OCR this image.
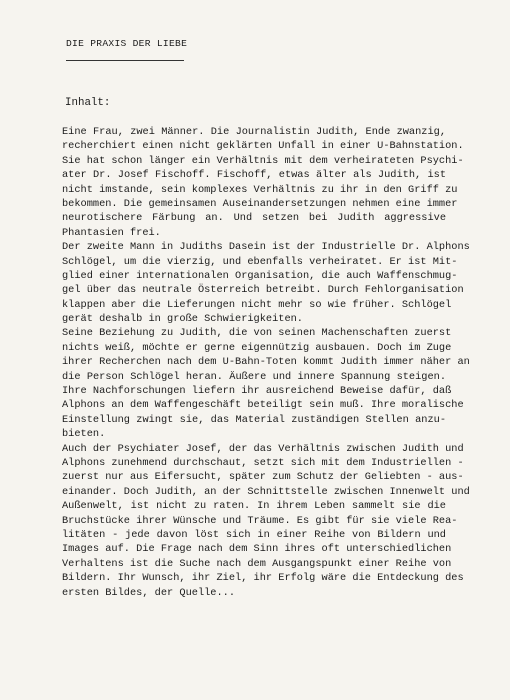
DIE PRAXIS DER LIEBE
Inhalt:
Eine Frau, zwei Männer. Die Journalistin Judith, Ende zwanzig,
recherchiert einen nicht geklärten Unfall in einer U-Bahnstation.
Sie hat schon länger ein Verhältnis mit dem verheirateten Psychi-
ater Dr. Josef Fischoff. Fischoff, etwas älter als Judith, ist
nicht imstande, sein komplexes Verhältnis zu ihr in den Griff zu
bekommen. Die gemeinsamen Auseinandersetzungen nehmen eine immer
neurotischere Färbung an. Und setzen bei Judith aggressive
Phantasien frei.
Der zweite Mann in Judiths Dasein ist der Industrielle Dr. Alphons
Schlögel, um die vierzig, und ebenfalls verheiratet. Er ist Mit-
glied einer internationalen Organisation, die auch Waffenschmug-
gel über das neutrale Österreich betreibt. Durch Fehlorganisation
klappen aber die Lieferungen nicht mehr so wie früher. Schlögel
gerät deshalb in große Schwierigkeiten.
Seine Beziehung zu Judith, die von seinen Machenschaften zuerst
nichts weiß, möchte er gerne eigennützig ausbauen. Doch im Zuge
ihrer Recherchen nach dem U-Bahn-Toten kommt Judith immer näher an
die Person Schlögel heran. Äußere und innere Spannung steigen.
Ihre Nachforschungen liefern ihr ausreichend Beweise dafür, daß
Alphons an dem Waffengeschäft beteiligt sein muß. Ihre moralische
Einstellung zwingt sie, das Material zuständigen Stellen anzu-
bieten.
Auch der Psychiater Josef, der das Verhältnis zwischen Judith und
Alphons zunehmend durchschaut, setzt sich mit dem Industriellen -
zuerst nur aus Eifersucht, später zum Schutz der Geliebten - aus-
einander. Doch Judith, an der Schnittstelle zwischen Innenwelt und
Außenwelt, ist nicht zu raten. In ihrem Leben sammelt sie die
Bruchstücke ihrer Wünsche und Träume. Es gibt für sie viele Rea-
litäten - jede davon löst sich in einer Reihe von Bildern und
Images auf. Die Frage nach dem Sinn ihres oft unterschiedlichen
Verhaltens ist die Suche nach dem Ausgangspunkt einer Reihe von
Bildern. Ihr Wunsch, ihr Ziel, ihr Erfolg wäre die Entdeckung des
ersten Bildes, der Quelle...
